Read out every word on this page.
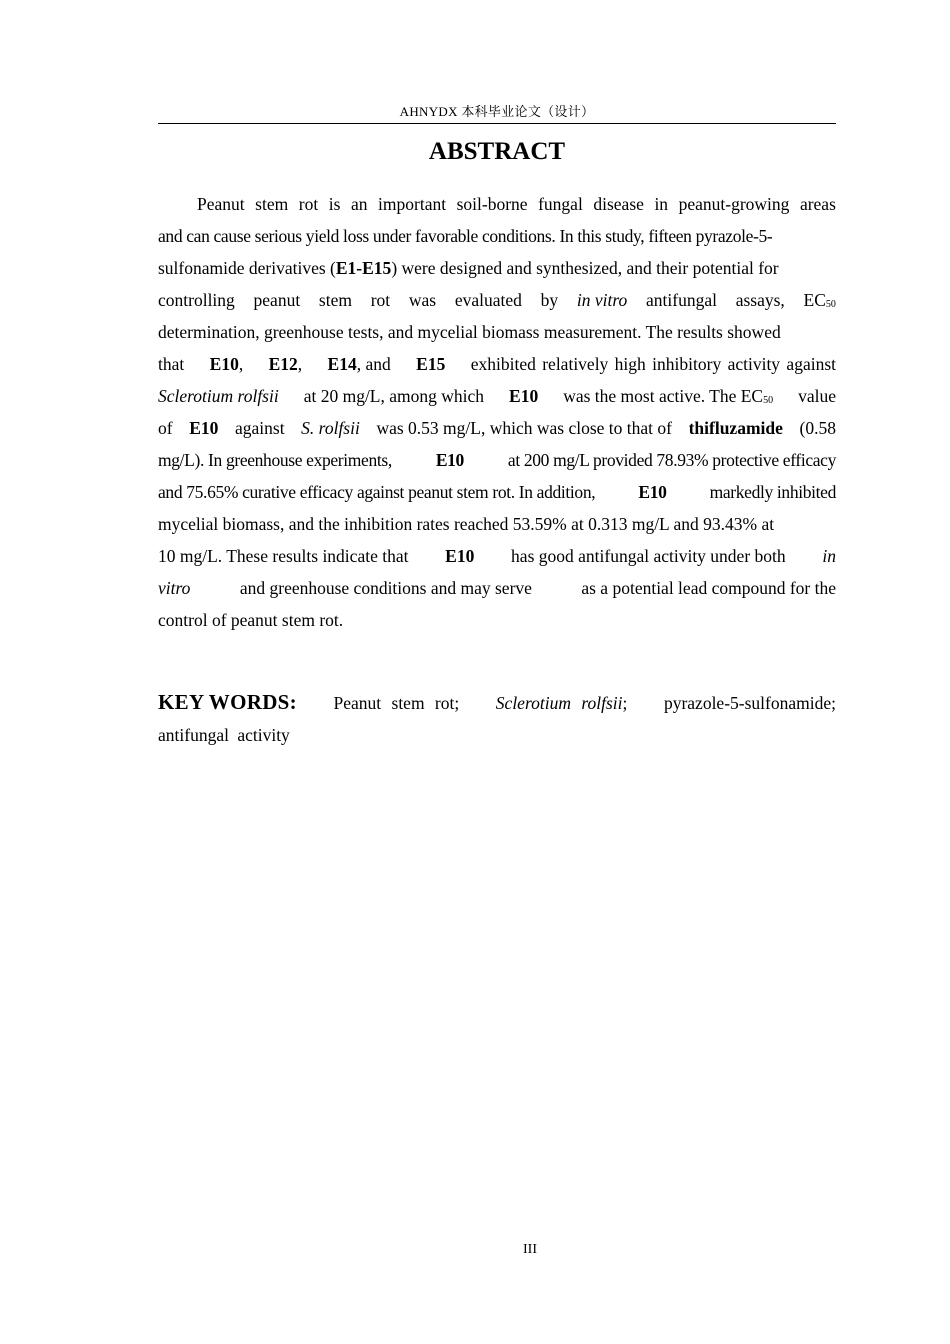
AHNYDX 本科毕业论文（设计）
ABSTRACT
Peanut stem rot is an important soil-borne fungal disease in peanut-growing areas
and can cause serious yield loss under favorable conditions. In this study, fifteen pyrazole-5-
sulfonamide derivatives (E1-E15) were designed and synthesized, and their potential for
controlling peanut stem rot was evaluated by in vitro antifungal assays, $EC_{50}$
determination, greenhouse tests, and mycelial biomass measurement. The results showed
that E10, E12, E14, and E15 exhibited relatively high inhibitory activity against
Sclerotium rolfsii at 20 mg/L, among which E10 was the most active. The $EC_{50}$ value
of E10 against S. rolfsii was 0.53 mg/L, which was close to that of thifluzamide (0.58
mg/L). In greenhouse experiments,	E10	at 200 mg/L provided 78.93% protective efficacy
and 75.65% curative efficacy against peanut stem rot. In addition, E10 markedly inhibited
mycelial biomass, and the inhibition rates reached 53.59% at 0.313 mg/L and 93.43% at
10 mg/L. These results indicate that E10 has good antifungal activity under both in
vitro	and greenhouse conditions and may serve	as a potential lead compound for the
control of peanut stem rot.
KEY WORDS: Peanut stem rot; Sclerotium rolfsii; pyrazole-5-sulfonamide;
antifungal activity
III
